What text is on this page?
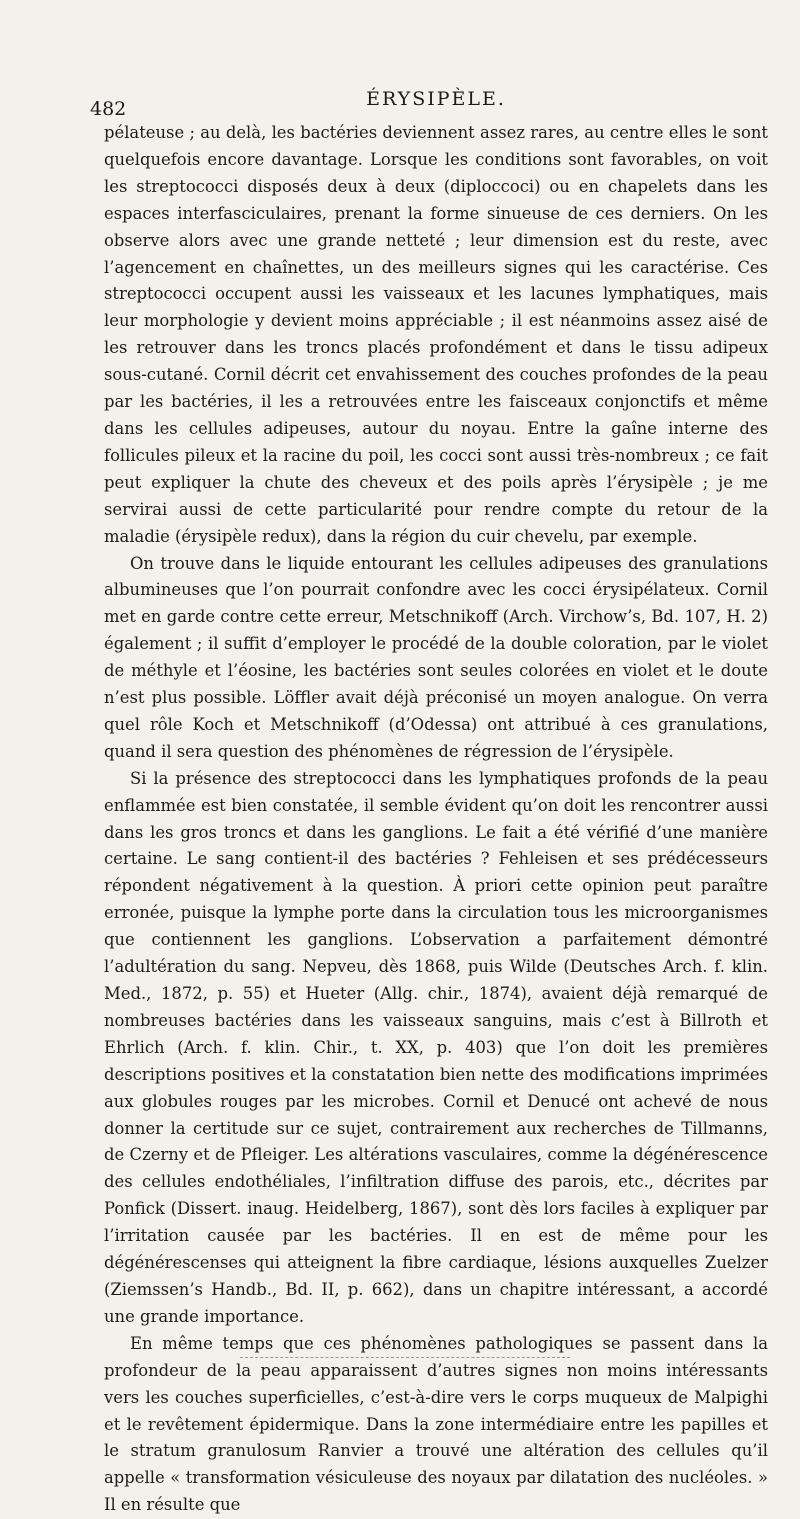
482	ÉRYSIPÈLE.

pélateuse ; au delà, les bactéries deviennent assez rares, au centre elles le sont quelquefois encore davantage. Lorsque les conditions sont favorables, on voit les streptococci disposés deux à deux (diploccoci) ou en chapelets dans les espaces interfasciculaires, prenant la forme sinueuse de ces derniers. On les observe alors avec une grande netteté ; leur dimension est du reste, avec l’agencement en chaînettes, un des meilleurs signes qui les caractérise. Ces streptococci occupent aussi les vaisseaux et les lacunes lymphatiques, mais leur morphologie y devient moins appréciable ; il est néanmoins assez aisé de les retrouver dans les troncs placés profondément et dans le tissu adipeux sous-cutané. Cornil décrit cet envahissement des couches profondes de la peau par les bactéries, il les a retrouvées entre les faisceaux conjonctifs et même dans les cellules adipeuses, autour du noyau. Entre la gaîne interne des follicules pileux et la racine du poil, les cocci sont aussi très-nombreux ; ce fait peut expliquer la chute des cheveux et des poils après l’érysipèle ; je me servirai aussi de cette particularité pour rendre compte du retour de la maladie (érysipèle redux), dans la région du cuir chevelu, par exemple.

On trouve dans le liquide entourant les cellules adipeuses des granulations albumineuses que l’on pourrait confondre avec les cocci érysipélateux. Cornil met en garde contre cette erreur, Metschnikoff (Arch. Virchow’s, Bd. 107, H. 2) également ; il suffit d’employer le procédé de la double coloration, par le violet de méthyle et l’éosine, les bactéries sont seules colorées en violet et le doute n’est plus possible. Löffler avait déjà préconisé un moyen analogue. On verra quel rôle Koch et Metschnikoff (d’Odessa) ont attribué à ces granulations, quand il sera question des phénomènes de régression de l’érysipèle.

Si la présence des streptococci dans les lymphatiques profonds de la peau enflammée est bien constatée, il semble évident qu’on doit les rencontrer aussi dans les gros troncs et dans les ganglions. Le fait a été vérifié d’une manière certaine. Le sang contient-il des bactéries ? Fehleisen et ses prédécesseurs répondent négativement à la question. À priori cette opinion peut paraître erronée, puisque la lymphe porte dans la circulation tous les microorganismes que contiennent les ganglions. L’observation a parfaitement démontré l’adultération du sang. Nepveu, dès 1868, puis Wilde (Deutsches Arch. f. klin. Med., 1872, p. 55) et Hueter (Allg. chir., 1874), avaient déjà remarqué de nombreuses bactéries dans les vaisseaux sanguins, mais c’est à Billroth et Ehrlich (Arch. f. klin. Chir., t. XX, p. 403) que l’on doit les premières descriptions positives et la constatation bien nette des modifications imprimées aux globules rouges par les microbes. Cornil et Denucé ont achevé de nous donner la certitude sur ce sujet, contrairement aux recherches de Tillmanns, de Czerny et de Pfleiger. Les altérations vasculaires, comme la dégénérescence des cellules endothéliales, l’infiltration diffuse des parois, etc., décrites par Ponfick (Dissert. inaug. Heidelberg, 1867), sont dès lors faciles à expliquer par l’irritation causée par les bactéries. Il en est de même pour les dégénérescenses qui atteignent la fibre cardiaque, lésions auxquelles Zuelzer (Ziemssen’s Handb., Bd. II, p. 662), dans un chapitre intéressant, a accordé une grande importance.

En même temps que ces phénomènes pathologiques se passent dans la profondeur de la peau apparaissent d’autres signes non moins intéressants vers les couches superficielles, c’est-à-dire vers le corps muqueux de Malpighi et le revêtement épidermique. Dans la zone intermédiaire entre les papilles et le stratum granulosum Ranvier a trouvé une altération des cellules qu’il appelle « transformation vésiculeuse des noyaux par dilatation des nucléoles. » Il en résulte que
